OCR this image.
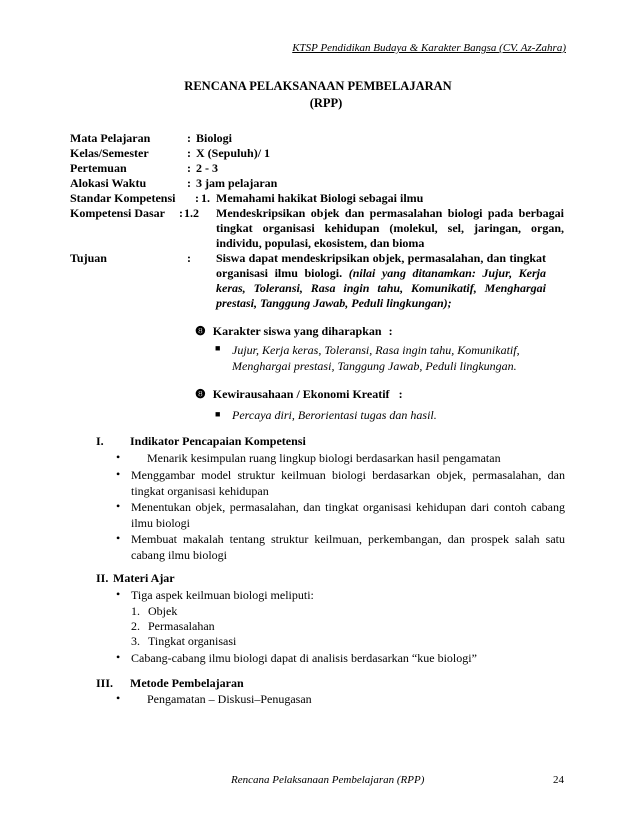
KTSP Pendidikan Budaya & Karakter Bangsa (CV. Az-Zahra)
RENCANA PELAKSANAAN PEMBELAJARAN
(RPP)
Mata Pelajaran	: Biologi
Kelas/Semester	: X (Sepuluh)/ 1
Pertemuan	: 2 - 3
Alokasi Waktu	: 3 jam pelajaran
Standar Kompetensi : 1. Memahami hakikat Biologi sebagai ilmu
Kompetensi Dasar : 1.2 Mendeskripsikan objek dan permasalahan biologi pada berbagai tingkat organisasi kehidupan (molekul, sel, jaringan, organ, individu, populasi, ekosistem, dan bioma
Tujuan	: Siswa dapat mendeskripsikan objek, permasalahan, dan tingkat organisasi ilmu biologi. (nilai yang ditanamkan: Jujur, Kerja keras, Toleransi, Rasa ingin tahu, Komunikatif, Menghargai prestasi, Tanggung Jawab, Peduli lingkungan);
❽ Karakter siswa yang diharapkan :
■ Jujur, Kerja keras, Toleransi, Rasa ingin tahu, Komunikatif, Menghargai prestasi, Tanggung Jawab, Peduli lingkungan.
❽ Kewirausahaan / Ekonomi Kreatif :
■ Percaya diri, Berorientasi tugas dan hasil.
I. Indikator Pencapaian Kompetensi
• Menarik kesimpulan ruang lingkup biologi berdasarkan hasil pengamatan
• Menggambar model struktur keilmuan biologi berdasarkan objek, permasalahan, dan tingkat organisasi kehidupan
• Menentukan objek, permasalahan, dan tingkat organisasi kehidupan dari contoh cabang ilmu biologi
• Membuat makalah tentang struktur keilmuan, perkembangan, dan prospek salah satu cabang ilmu biologi
II. Materi Ajar
• Tiga aspek keilmuan biologi meliputi:
1. Objek
2. Permasalahan
3. Tingkat organisasi
• Cabang-cabang ilmu biologi dapat di analisis berdasarkan “kue biologi”
III. Metode Pembelajaran
• Pengamatan – Diskusi–Penugasan
Rencana Pelaksanaan Pembelajaran (RPP)	24
